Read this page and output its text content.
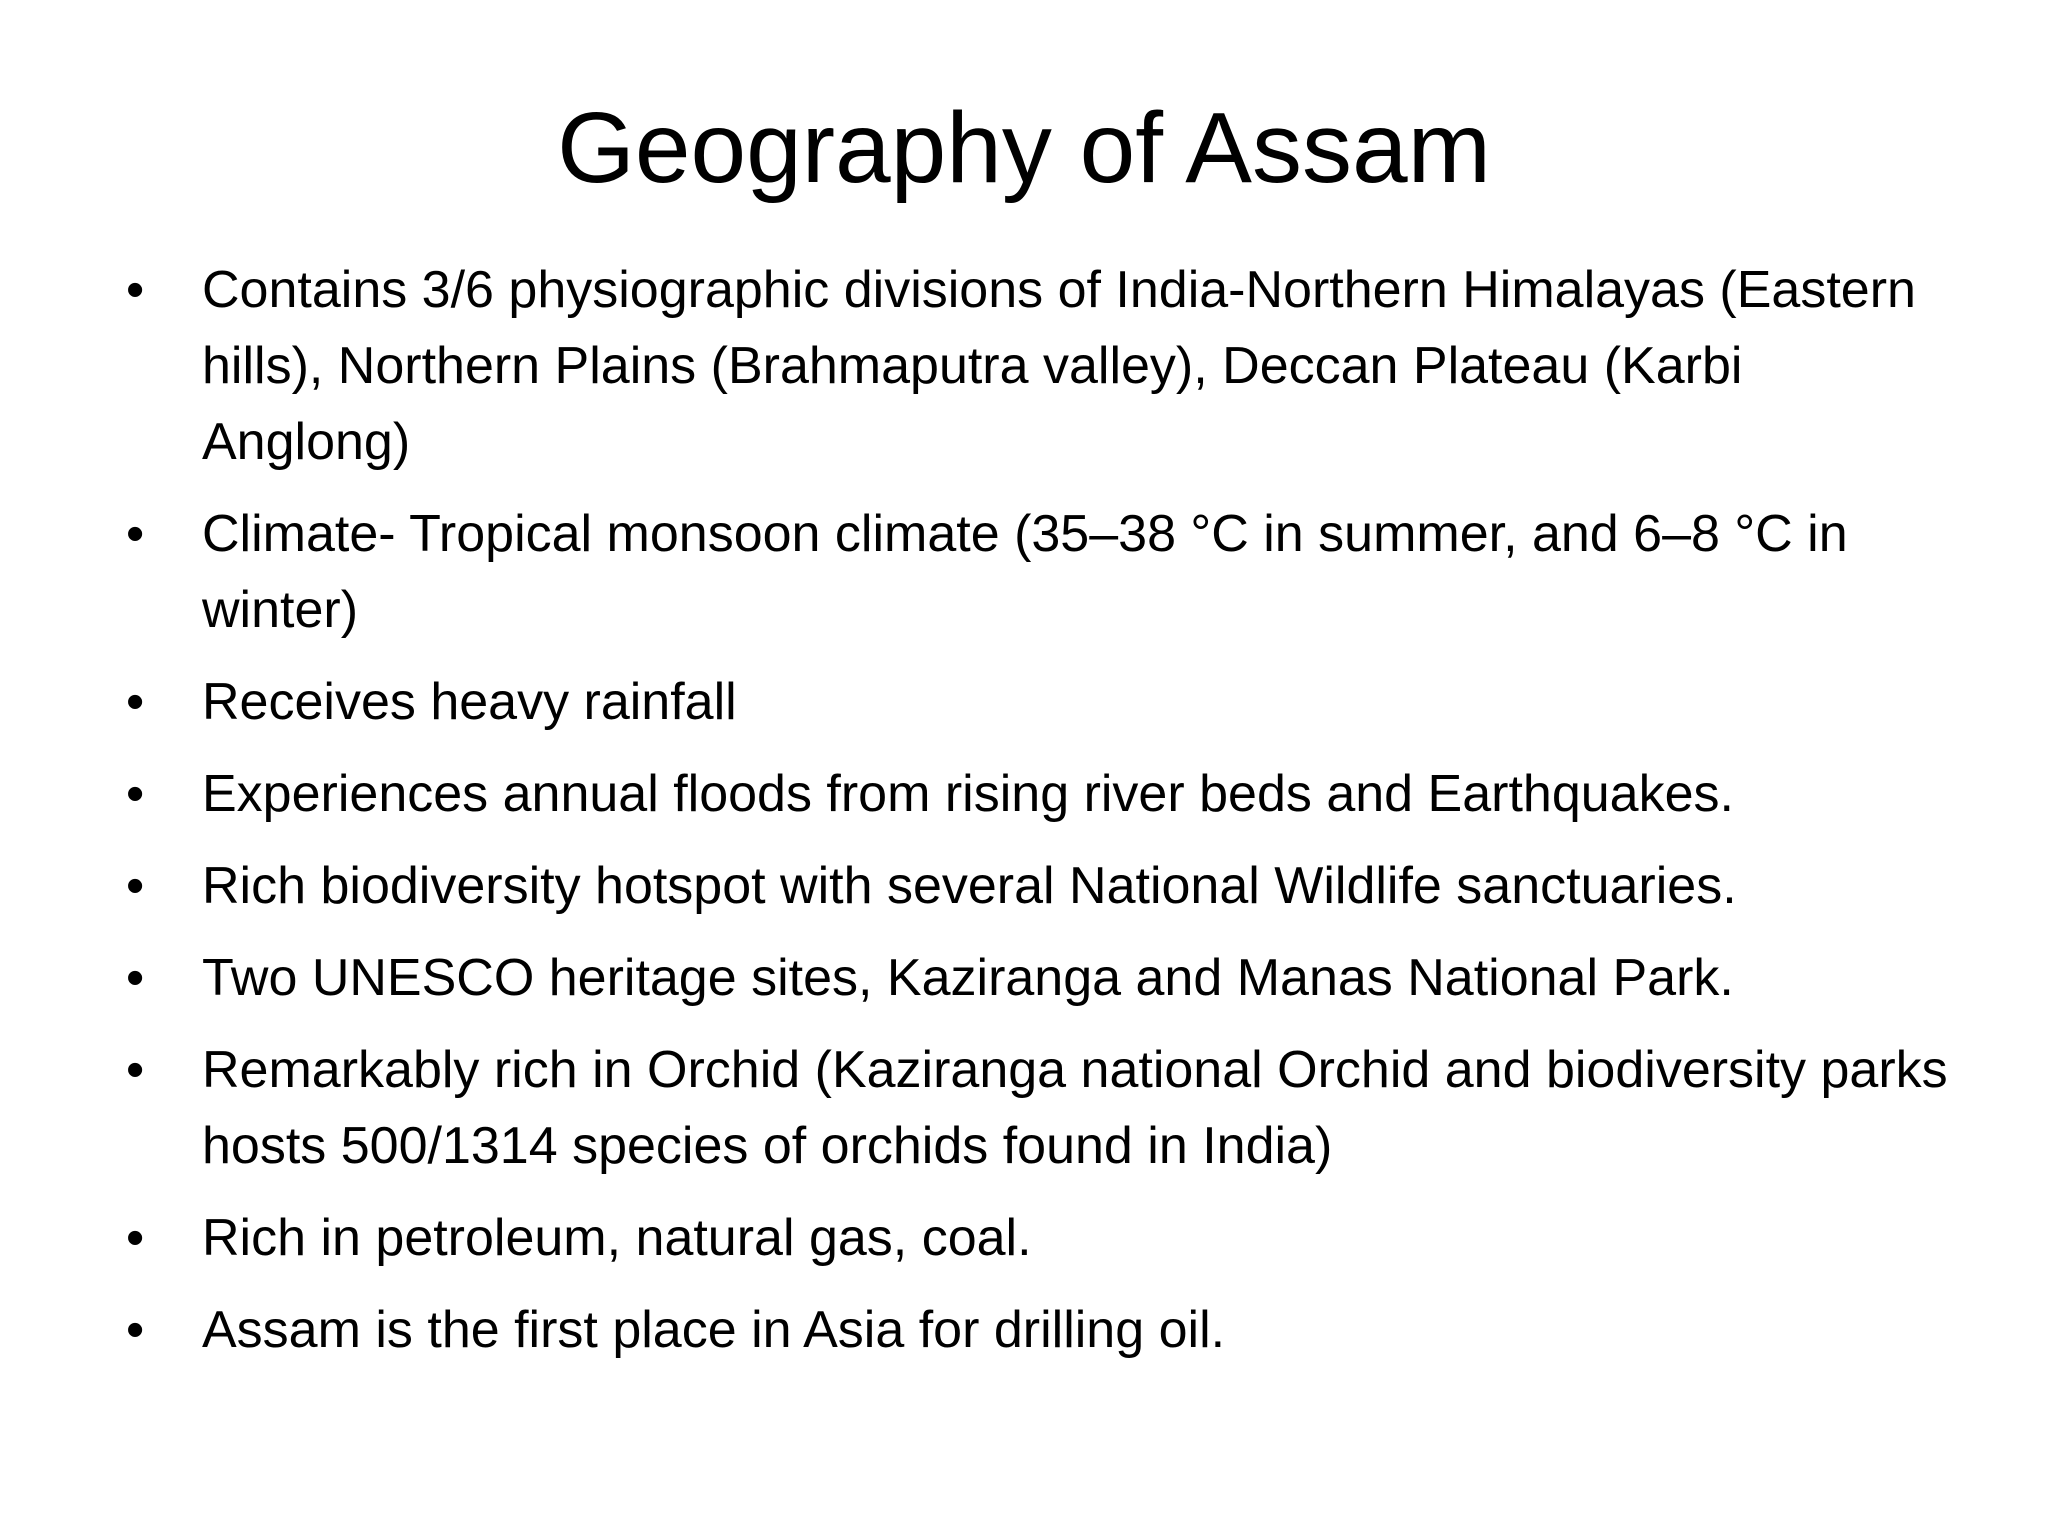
Geography of Assam
•	Contains 3/6 physiographic divisions of India-Northern Himalayas (Eastern hills), Northern Plains (Brahmaputra valley), Deccan Plateau (Karbi Anglong)
•	Climate- Tropical monsoon climate (35–38 °C in summer, and 6–8 °C in winter)
•	Receives heavy rainfall
•	Experiences annual floods from rising river beds and Earthquakes.
•	Rich biodiversity hotspot with several National Wildlife sanctuaries.
•	Two UNESCO heritage sites, Kaziranga and Manas National Park.
•	Remarkably rich in Orchid (Kaziranga national Orchid and biodiversity parks hosts 500/1314 species of orchids found in India)
•	Rich in petroleum, natural gas, coal.
•	Assam is the first place in Asia for drilling oil.
